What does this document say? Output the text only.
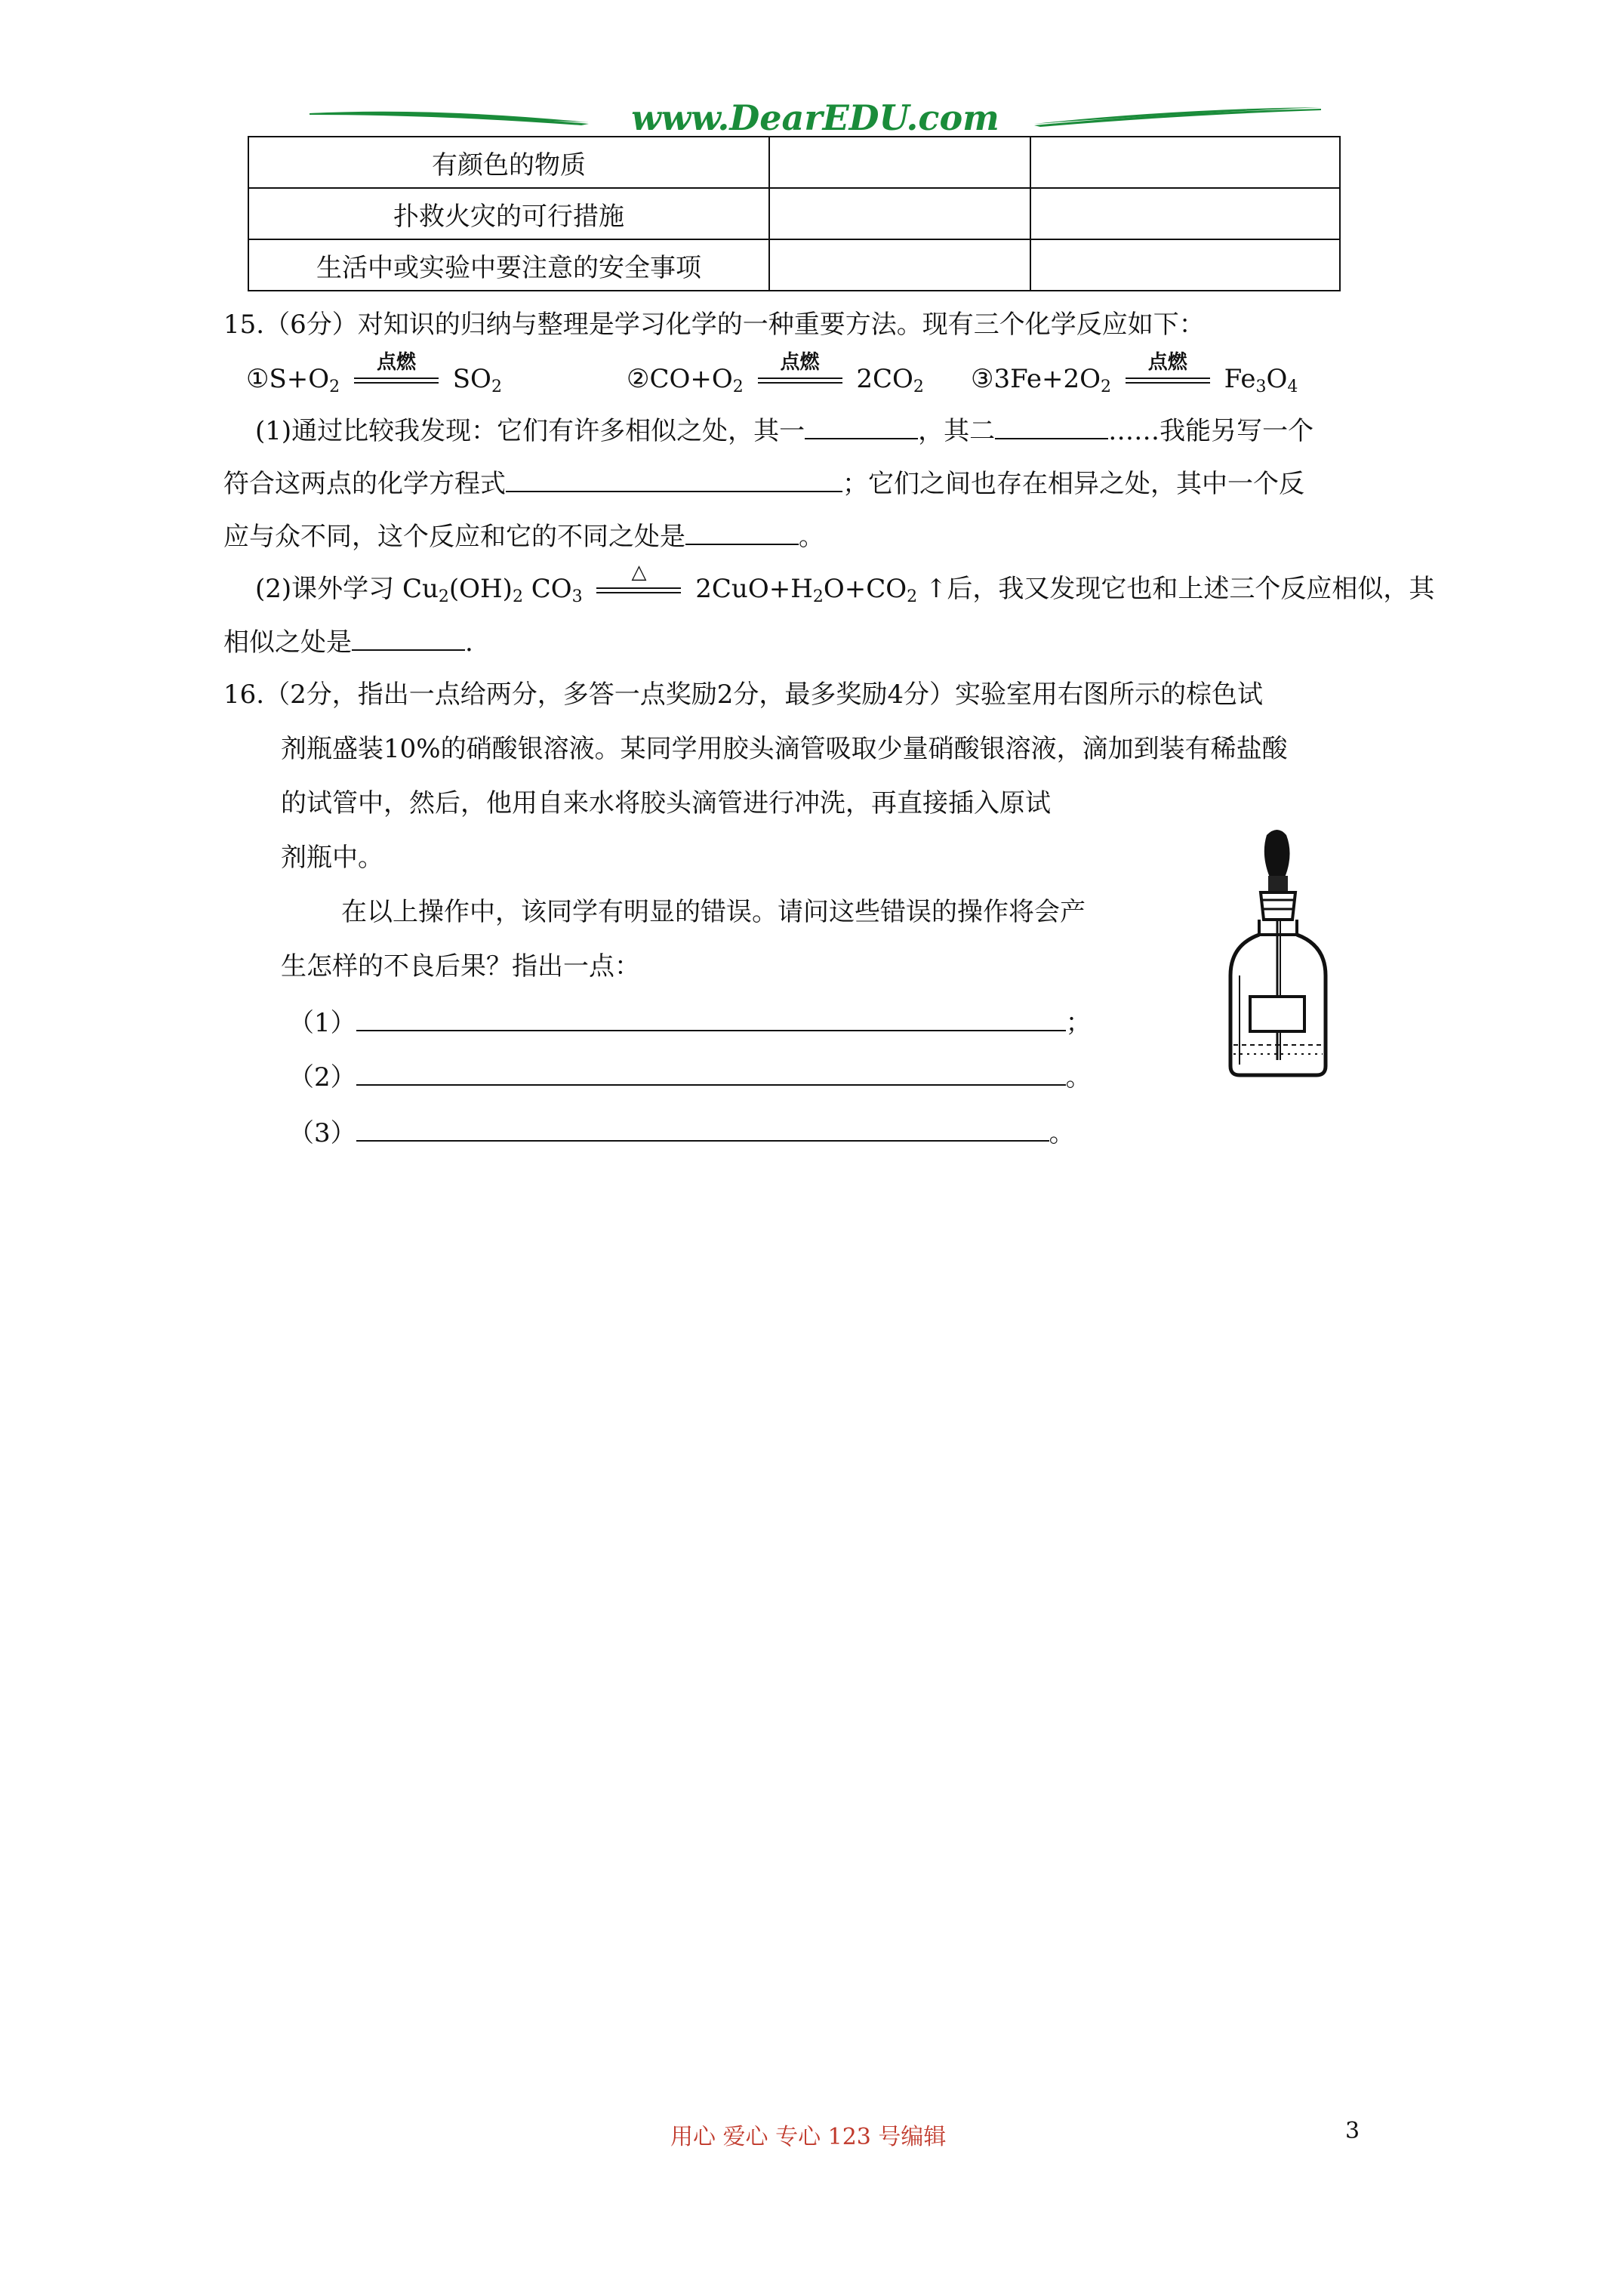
www.DearEDU.com
有颜色的物质		
扑救火灾的可行措施		
生活中或实验中要注意的安全事项		
15.（6分）对知识的归纳与整理是学习化学的一种重要方法。现有三个化学反应如下：
$①S+O_2$
点燃
$SO_2$	$②CO+O_2$
点燃
$2CO_2$ $③3Fe+2O_2$
点燃
$Fe_3O_4$
(1)通过比较我发现：它们有许多相似之处，其一	，其二	……我能另写一个
符合这两点的化学方程式	；它们之间也存在相异之处，其中一个反
应与众不同，这个反应和它的不同之处是	。
(2)课外学习 $Cu_2(OH)_2$ $CO_3$
△
$2CuO+H_2O+CO_2$ ↑后，我又发现它也和上述三个反应相似，其
相似之处是	.
16.（2分，指出一点给两分，多答一点奖励2分，最多奖励4分）实验室用右图所示的棕色试
剂瓶盛装10%的硝酸银溶液。某同学用胶头滴管吸取少量硝酸银溶液，滴加到装有稀盐酸
的试管中，然后，他用自来水将胶头滴管进行冲洗，再直接插入原试
剂瓶中。
在以上操作中，该同学有明显的错误。请问这些错误的操作将会产
生怎样的不良后果？指出一点：
（1）	；
（2）	。
（3）	。
用心 爱心 专心 123 号编辑	3
